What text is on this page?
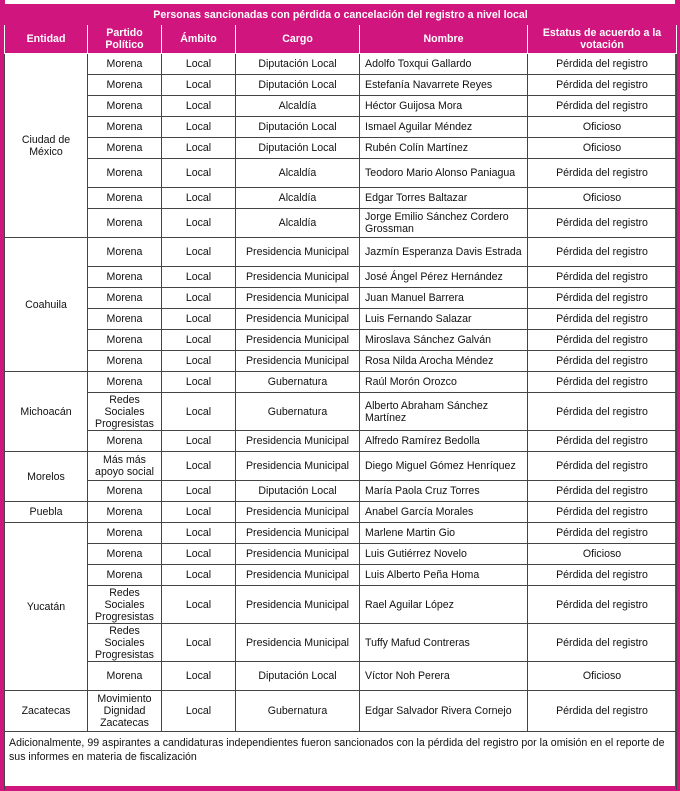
Personas sancionadas con pérdida o cancelación del registro a nivel local					
Entidad	Partido Político	Ámbito	Cargo	Nombre	Estatus de acuerdo a la votación
Ciudad de México	Morena	Local	Diputación Local	Adolfo Toxqui Gallardo	Pérdida del registro
	Morena	Local	Diputación Local	Estefanía Navarrete Reyes	Pérdida del registro
	Morena	Local	Alcaldía	Héctor Guijosa Mora	Pérdida del registro
	Morena	Local	Diputación Local	Ismael Aguilar Méndez	Oficioso
	Morena	Local	Diputación Local	Rubén Colín Martínez	Oficioso
	Morena	Local	Alcaldía	Teodoro Mario Alonso Paniagua	Pérdida del registro
	Morena	Local	Alcaldía	Edgar Torres Baltazar	Oficioso
	Morena	Local	Alcaldía	Jorge Emilio Sánchez Cordero Grossman	Pérdida del registro
Coahuila	Morena	Local	Presidencia Municipal	Jazmín Esperanza Davis Estrada	Pérdida del registro
	Morena	Local	Presidencia Municipal	José Ángel Pérez Hernández	Pérdida del registro
	Morena	Local	Presidencia Municipal	Juan Manuel Barrera	Pérdida del registro
	Morena	Local	Presidencia Municipal	Luis Fernando Salazar	Pérdida del registro
	Morena	Local	Presidencia Municipal	Miroslava Sánchez Galván	Pérdida del registro
	Morena	Local	Presidencia Municipal	Rosa Nilda Arocha Méndez	Pérdida del registro
Michoacán	Morena	Local	Gubernatura	Raúl Morón Orozco	Pérdida del registro
	Redes Sociales Progresistas	Local	Gubernatura	Alberto Abraham Sánchez Martínez	Pérdida del registro
	Morena	Local	Presidencia Municipal	Alfredo Ramírez Bedolla	Pérdida del registro
Morelos	Más más apoyo social	Local	Presidencia Municipal	Diego Miguel Gómez Henríquez	Pérdida del registro
	Morena	Local	Diputación Local	María Paola Cruz Torres	Pérdida del registro
Puebla	Morena	Local	Presidencia Municipal	Anabel García Morales	Pérdida del registro
Yucatán	Morena	Local	Presidencia Municipal	Marlene Martin Gio	Pérdida del registro
	Morena	Local	Presidencia Municipal	Luis Gutiérrez Novelo	Oficioso
	Morena	Local	Presidencia Municipal	Luis Alberto Peña Homa	Pérdida del registro
	Redes Sociales Progresistas	Local	Presidencia Municipal	Rael Aguilar López	Pérdida del registro
	Redes Sociales Progresistas	Local	Presidencia Municipal	Tuffy Mafud Contreras	Pérdida del registro
	Morena	Local	Diputación Local	Víctor Noh Perera	Oficioso
Zacatecas	Movimiento Dignidad Zacatecas	Local	Gubernatura	Edgar Salvador Rivera Cornejo	Pérdida del registro
Adicionalmente, 99 aspirantes a candidaturas independientes fueron sancionados con la pérdida del registro por la omisión en el reporte de sus informes en materia de fiscalización					
